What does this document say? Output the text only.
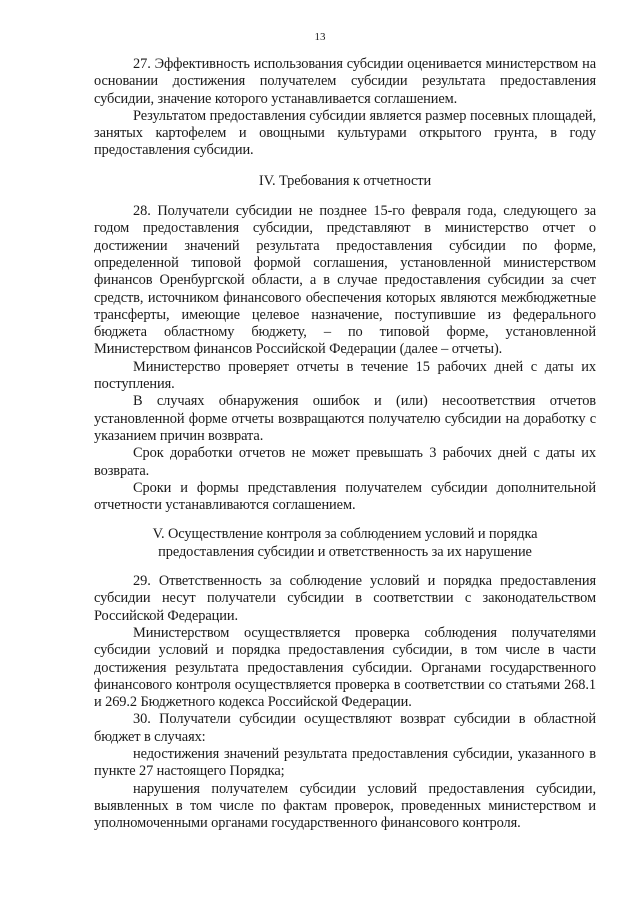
13

27. Эффективность использования субсидии оценивается министерством на основании достижения получателем субсидии результата предоставления субсидии, значение которого устанавливается соглашением.

Результатом предоставления субсидии является размер посевных площадей, занятых картофелем и овощными культурами открытого грунта, в году предоставления субсидии.

IV. Требования к отчетности

28. Получатели субсидии не позднее 15-го февраля года, следующего за годом предоставления субсидии, представляют в министерство отчет о достижении значений результата предоставления субсидии по форме, определенной типовой формой соглашения, установленной министерством финансов Оренбургской области, а в случае предоставления субсидии за счет средств, источником финансового обеспечения которых являются межбюджетные трансферты, имеющие целевое назначение, поступившие из федерального бюджета областному бюджету, – по типовой форме, установленной Министерством финансов Российской Федерации (далее – отчеты).

Министерство проверяет отчеты в течение 15 рабочих дней с даты их поступления.

В случаях обнаружения ошибок и (или) несоответствия отчетов установленной форме отчеты возвращаются получателю субсидии на доработку с указанием причин возврата.

Срок доработки отчетов не может превышать 3 рабочих дней с даты их возврата.

Сроки и формы представления получателем субсидии дополнительной отчетности устанавливаются соглашением.

V. Осуществление контроля за соблюдением условий и порядка

предоставления субсидии и ответственность за их нарушение

29. Ответственность за соблюдение условий и порядка предоставления субсидии несут получатели субсидии в соответствии с законодательством Российской Федерации.

Министерством осуществляется проверка соблюдения получателями субсидии условий и порядка предоставления субсидии, в том числе в части достижения результата предоставления субсидии. Органами государственного финансового контроля осуществляется проверка в соответствии со статьями 268.1 и 269.2 Бюджетного кодекса Российской Федерации.

30. Получатели субсидии осуществляют возврат субсидии в областной бюджет в случаях:

недостижения значений результата предоставления субсидии, указанного в пункте 27 настоящего Порядка;

нарушения получателем субсидии условий предоставления субсидии, выявленных в том числе по фактам проверок, проведенных министерством и уполномоченными органами государственного финансового контроля.
